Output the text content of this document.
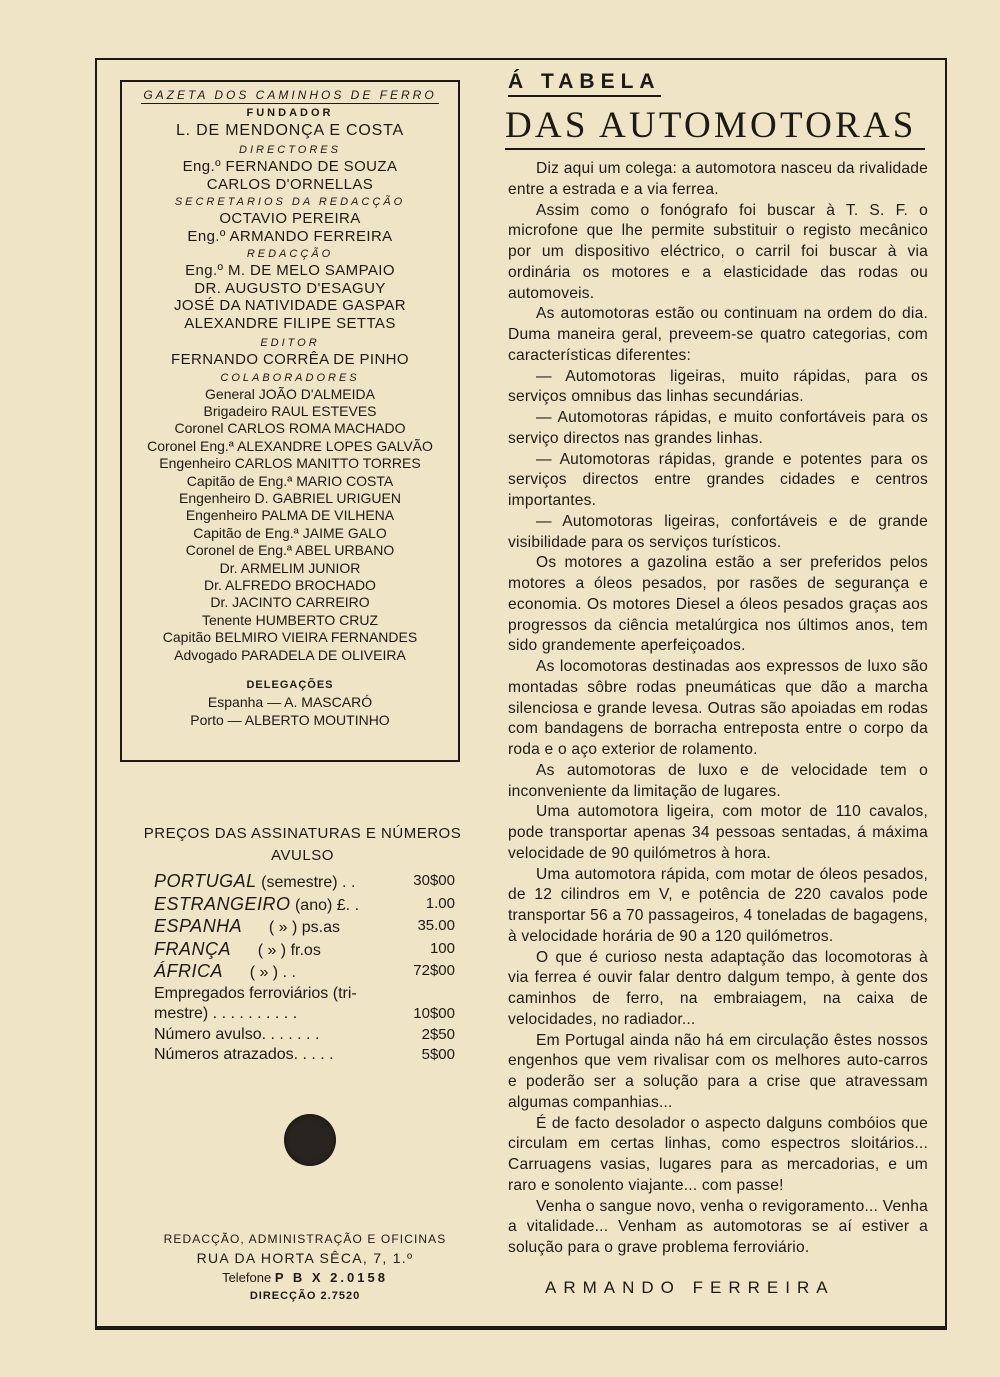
GAZETA DOS CAMINHOS DE FERRO
FUNDADOR
L. DE MENDONÇA E COSTA
DIRECTORES
Eng.º FERNANDO DE SOUZA
CARLOS D'ORNELLAS
SECRETARIOS DA REDACÇÃO
OCTAVIO PEREIRA
Eng.º ARMANDO FERREIRA
REDACÇÃO
Eng.º M. DE MELO SAMPAIO
DR. AUGUSTO D'ESAGUY
JOSÉ DA NATIVIDADE GASPAR
ALEXANDRE FILIPE SETTAS
EDITOR
FERNANDO CORRÊA DE PINHO
COLABORADORES
General JOÃO D'ALMEIDA
Brigadeiro RAUL ESTEVES
Coronel CARLOS ROMA MACHADO
Coronel Eng.ª ALEXANDRE LOPES GALVÃO
Engenheiro CARLOS MANITTO TORRES
Capitão de Eng.ª MARIO COSTA
Engenheiro D. GABRIEL URIGUEN
Engenheiro PALMA DE VILHENA
Capitão de Eng.ª JAIME GALO
Coronel de Eng.ª ABEL URBANO
Dr. ARMELIM JUNIOR
Dr. ALFREDO BROCHADO
Dr. JACINTO CARREIRO
Tenente HUMBERTO CRUZ
Capitão BELMIRO VIEIRA FERNANDES
Advogado PARADELA DE OLIVEIRA
DELEGAÇÕES
Espanha — A. MASCARÓ
Porto — ALBERTO MOUTINHO
PREÇOS DAS ASSINATURAS E NÚMEROS
AVULSO
PORTUGAL (semestre) . .	30$00
ESTRANGEIRO (ano) £. .	1.00
ESPANHA      ( » ) ps.as	35.00
FRANÇA      ( » ) fr.os	100
ÁFRICA      ( » ) . .	72$00
Empregados ferroviários (tri-
mestre) . . . . . . . . . .	10$00
Número avulso. . . . . . .	2$50
Números atrazados. . . . .	5$00
REDACÇÃO, ADMINISTRAÇÃO E OFICINAS
RUA DA HORTA SÊCA, 7, 1.º
Telefone P B X 2.0158
DIRECÇÃO 2.7520
Á TABELA
DAS AUTOMOTORAS

Diz aqui um colega: a automotora nasceu da rivalidade entre a estrada e a via ferrea.

Assim como o fonógrafo foi buscar à T. S. F. o microfone que lhe permite substituir o registo mecânico por um dispositivo eléctrico, o carril foi buscar à via ordinária os motores e a elasticidade das rodas ou automoveis.

As automotoras estão ou continuam na ordem do dia. Duma maneira geral, preveem-se quatro categorias, com características diferentes:

— Automotoras ligeiras, muito rápidas, para os serviços omnibus das linhas secundárias.

— Automotoras rápidas, e muito confortáveis para os serviço directos nas grandes linhas.

— Automotoras rápidas, grande e potentes para os serviços directos entre grandes cidades e centros importantes.

— Automotoras ligeiras, confortáveis e de grande visibilidade para os serviços turísticos.

Os motores a gazolina estão a ser preferidos pelos motores a óleos pesados, por rasões de segurança e economia. Os motores Diesel a óleos pesados graças aos progressos da ciência metalúrgica nos últimos anos, tem sido grandemente aperfeiçoados.

As locomotoras destinadas aos expressos de luxo são montadas sôbre rodas pneumáticas que dão a marcha silenciosa e grande levesa. Outras são apoiadas em rodas com bandagens de borracha entreposta entre o corpo da roda e o aço exterior de rolamento.

As automotoras de luxo e de velocidade tem o inconveniente da limitação de lugares.

Uma automotora ligeira, com motor de 110 cavalos, pode transportar apenas 34 pessoas sentadas, á máxima velocidade de 90 quilómetros à hora.

Uma automotora rápida, com motar de óleos pesados, de 12 cilindros em V, e potência de 220 cavalos pode transportar 56 a 70 passageiros, 4 toneladas de bagagens, à velocidade horária de 90 a 120 quilómetros.

O que é curioso nesta adaptação das locomotoras à via ferrea é ouvir falar dentro dalgum tempo, à gente dos caminhos de ferro, na embraiagem, na caixa de velocidades, no radiador...

Em Portugal ainda não há em circulação êstes nossos engenhos que vem rivalisar com os melhores auto-carros e poderão ser a solução para a crise que atravessam algumas companhias...

É de facto desolador o aspecto dalguns combóios que circulam em certas linhas, como espectros sloitários... Carruagens vasias, lugares para as mercadorias, e um raro e sonolento viajante... com passe!

Venha o sangue novo, venha o revigoramento... Venha a vitalidade... Venham as automotoras se aí estiver a solução para o grave problema ferroviário.

ARMANDO FERREIRA
